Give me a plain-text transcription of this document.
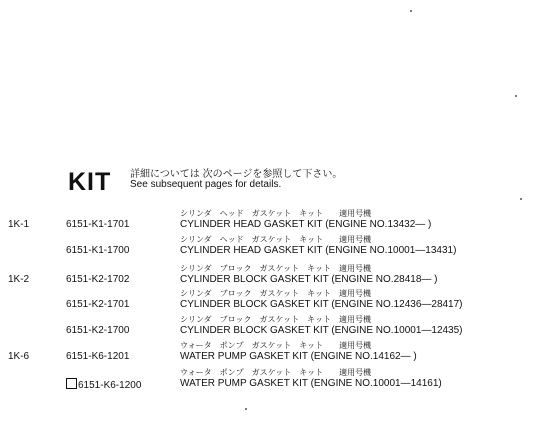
KIT 詳細については 次のページを参照して下さい。
See subsequent pages for details.
1K-1	6151-K1-1701
シリンダ　ヘッド　ガスケット　キット　　適用号機
CYLINDER HEAD GASKET KIT (ENGINE NO.13432— )
6151-K1-1700
シリンダ　ヘッド　ガスケット　キット　　適用号機
CYLINDER HEAD GASKET KIT (ENGINE NO.10001—13431)
1K-2	6151-K2-1702
シリンダ　ブロック　ガスケット　キット　適用号機
CYLINDER BLOCK GASKET KIT (ENGINE NO.28418— )
6151-K2-1701
シリンダ　ブロック　ガスケット　キット　適用号機
CYLINDER BLOCK GASKET KIT (ENGINE NO.12436—28417)
6151-K2-1700
シリンダ　ブロック　ガスケット　キット　適用号機
CYLINDER BLOCK GASKET KIT (ENGINE NO.10001—12435)
1K-6	6151-K6-1201
ウォータ　ポンプ　ガスケット　キット　　適用号機
WATER PUMP GASKET KIT (ENGINE NO.14162— )
6151-K6-1200
ウォータ　ポンプ　ガスケット　キット　　適用号機
WATER PUMP GASKET KIT (ENGINE NO.10001—14161)
